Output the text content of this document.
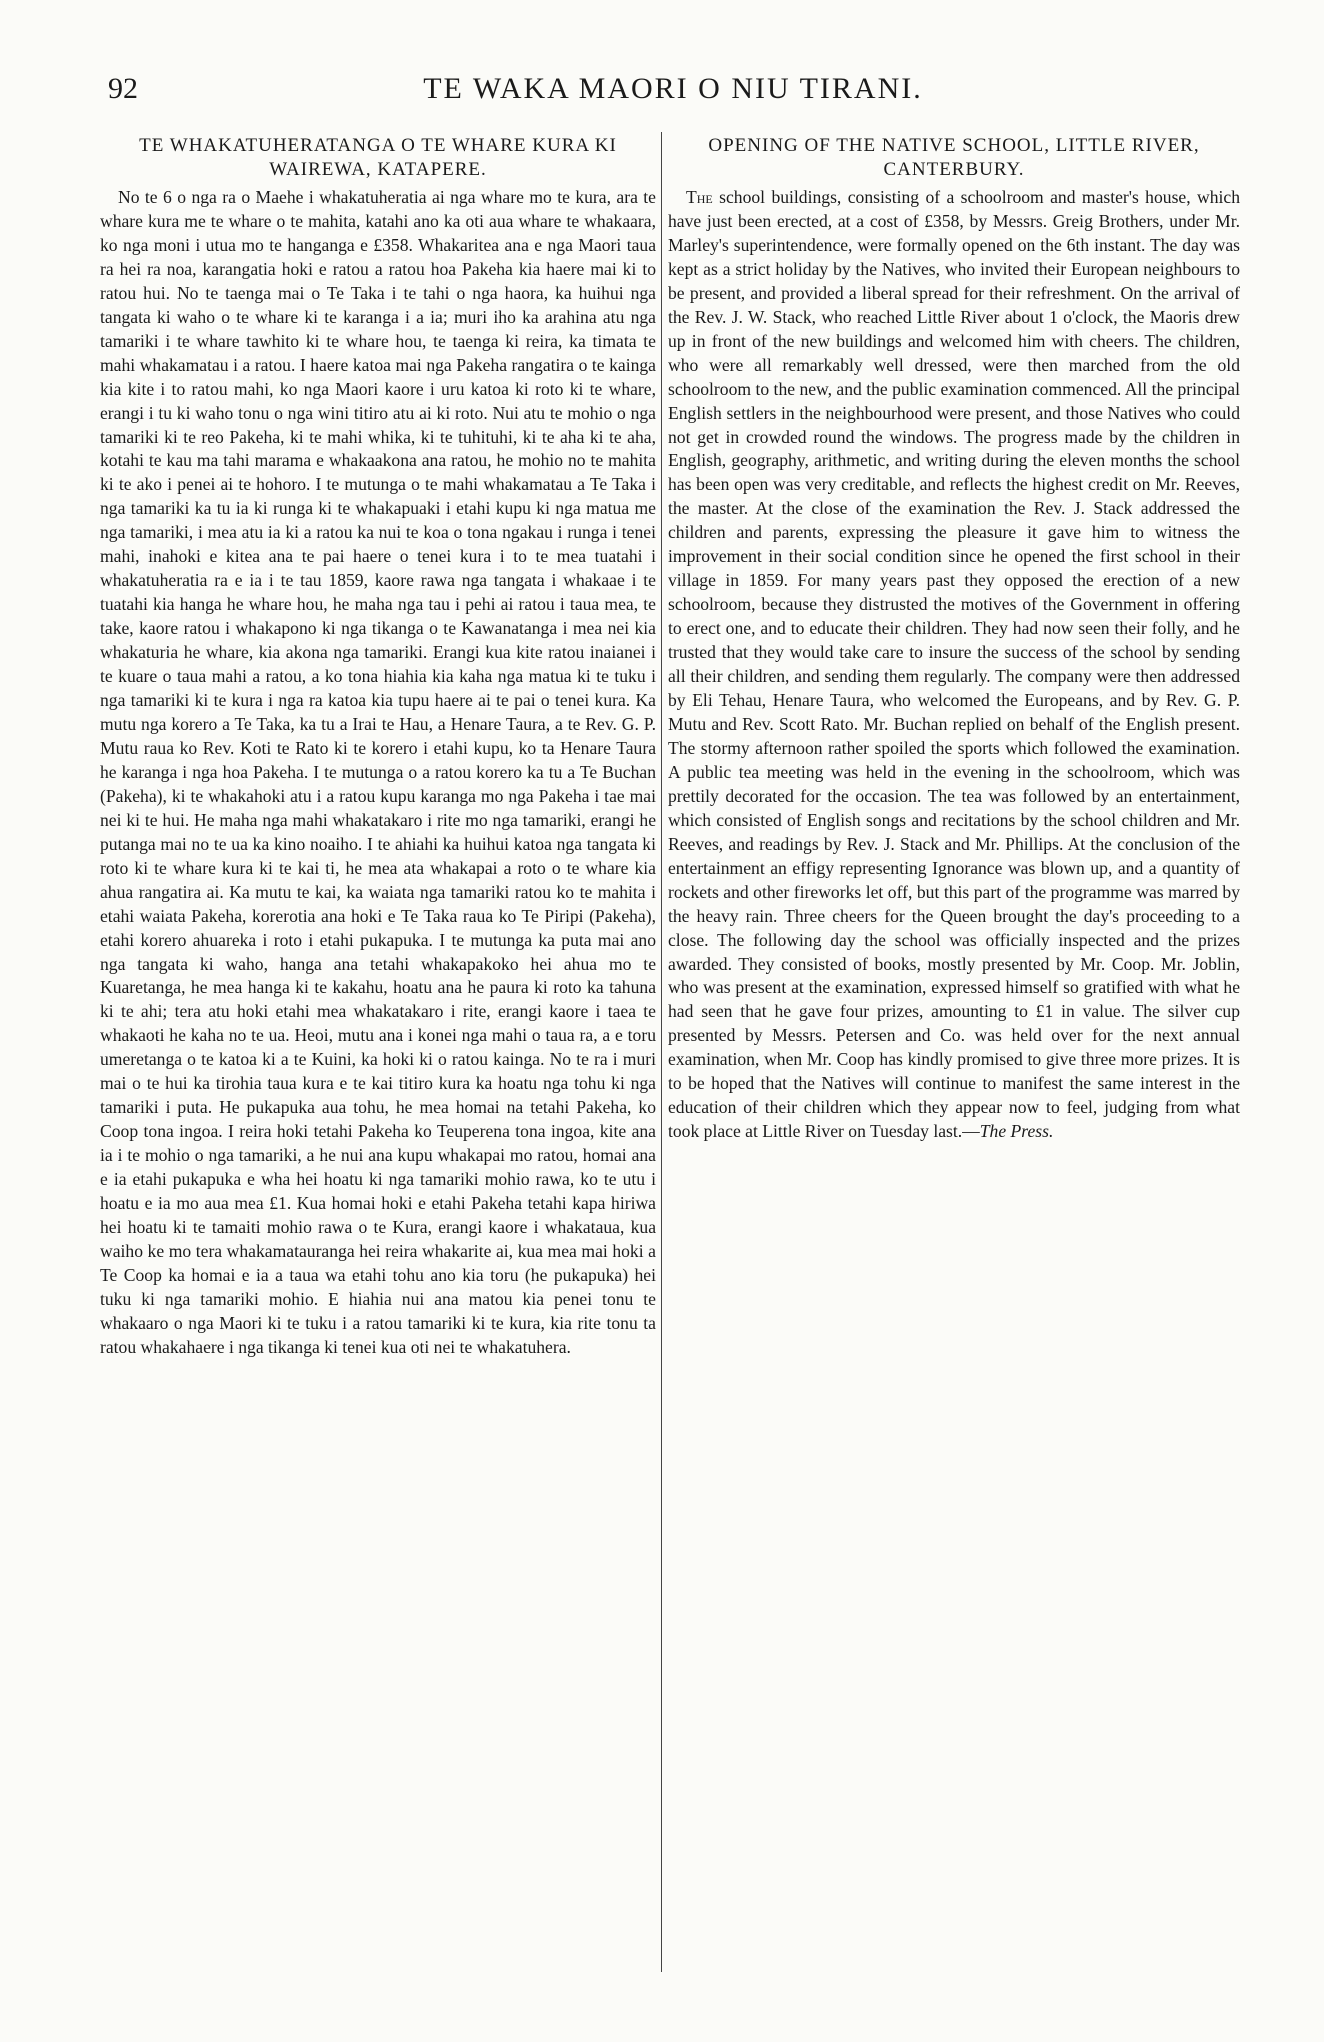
92	TE WAKA MAORI O NIU TIRANI.
TE WHAKATUHERATANGA O TE WHARE KURA KI WAIREWA, KATAPERE.

No te 6 o nga ra o Maehe i whakatuheratia ai nga whare mo te kura, ara te whare kura me te whare o te mahita, katahi ano ka oti aua whare te whakaara, ko nga moni i utua mo te hanganga e £358. Whakaritea ana e nga Maori taua ra hei ra noa, karangatia hoki e ratou a ratou hoa Pakeha kia haere mai ki to ratou hui. No te taenga mai o Te Taka i te tahi o nga haora, ka huihui nga tangata ki waho o te whare ki te karanga i a ia; muri iho ka arahina atu nga tamariki i te whare tawhito ki te whare hou, te taenga ki reira, ka timata te mahi whakamatau i a ratou. I haere katoa mai nga Pakeha rangatira o te kainga kia kite i to ratou mahi, ko nga Maori kaore i uru katoa ki roto ki te whare, erangi i tu ki waho tonu o nga wini titiro atu ai ki roto. Nui atu te mohio o nga tamariki ki te reo Pakeha, ki te mahi whika, ki te tuhituhi, ki te aha ki te aha, kotahi te kau ma tahi marama e whakaakona ana ratou, he mohio no te mahita ki te ako i penei ai te hohoro. I te mutunga o te mahi whakamatau a Te Taka i nga tamariki ka tu ia ki runga ki te whakapuaki i etahi kupu ki nga matua me nga tamariki, i mea atu ia ki a ratou ka nui te koa o tona ngakau i runga i tenei mahi, inahoki e kitea ana te pai haere o tenei kura i to te mea tuatahi i whakatuheratia ra e ia i te tau 1859, kaore rawa nga tangata i whakaae i te tuatahi kia hanga he whare hou, he maha nga tau i pehi ai ratou i taua mea, te take, kaore ratou i whakapono ki nga tikanga o te Kawanatanga i mea nei kia whakaturia he whare, kia akona nga tamariki. Erangi kua kite ratou inaianei i te kuare o taua mahi a ratou, a ko tona hiahia kia kaha nga matua ki te tuku i nga tamariki ki te kura i nga ra katoa kia tupu haere ai te pai o tenei kura. Ka mutu nga korero a Te Taka, ka tu a Irai te Hau, a Henare Taura, a te Rev. G. P. Mutu raua ko Rev. Koti te Rato ki te korero i etahi kupu, ko ta Henare Taura he karanga i nga hoa Pakeha. I te mutunga o a ratou korero ka tu a Te Buchan (Pakeha), ki te whakahoki atu i a ratou kupu karanga mo nga Pakeha i tae mai nei ki te hui. He maha nga mahi whakatakaro i rite mo nga tamariki, erangi he putanga mai no te ua ka kino noaiho. I te ahiahi ka huihui katoa nga tangata ki roto ki te whare kura ki te kai ti, he mea ata whakapai a roto o te whare kia ahua rangatira ai. Ka mutu te kai, ka waiata nga tamariki ratou ko te mahita i etahi waiata Pakeha, korerotia ana hoki e Te Taka raua ko Te Piripi (Pakeha), etahi korero ahuareka i roto i etahi pukapuka. I te mutunga ka puta mai ano nga tangata ki waho, hanga ana tetahi whakapakoko hei ahua mo te Kuaretanga, he mea hanga ki te kakahu, hoatu ana he paura ki roto ka tahuna ki te ahi; tera atu hoki etahi mea whakatakaro i rite, erangi kaore i taea te whakaoti he kaha no te ua. Heoi, mutu ana i konei nga mahi o taua ra, a e toru umeretanga o te katoa ki a te Kuini, ka hoki ki o ratou kainga. No te ra i muri mai o te hui ka tirohia taua kura e te kai titiro kura ka hoatu nga tohu ki nga tamariki i puta. He pukapuka aua tohu, he mea homai na tetahi Pakeha, ko Coop tona ingoa. I reira hoki tetahi Pakeha ko Teuperena tona ingoa, kite ana ia i te mohio o nga tamariki, a he nui ana kupu whakapai mo ratou, homai ana e ia etahi pukapuka e wha hei hoatu ki nga tamariki mohio rawa, ko te utu i hoatu e ia mo aua mea £1. Kua homai hoki e etahi Pakeha tetahi kapa hiriwa hei hoatu ki te tamaiti mohio rawa o te Kura, erangi kaore i whakataua, kua waiho ke mo tera whakamatauranga hei reira whakarite ai, kua mea mai hoki a Te Coop ka homai e ia a taua wa etahi tohu ano kia toru (he pukapuka) hei tuku ki nga tamariki mohio. E hiahia nui ana matou kia penei tonu te whakaaro o nga Maori ki te tuku i a ratou tamariki ki te kura, kia rite tonu ta ratou whakahaere i nga tikanga ki tenei kua oti nei te whakatuhera.

OPENING OF THE NATIVE SCHOOL, LITTLE RIVER, CANTERBURY.

The school buildings, consisting of a schoolroom and master's house, which have just been erected, at a cost of £358, by Messrs. Greig Brothers, under Mr. Marley's superintendence, were formally opened on the 6th instant. The day was kept as a strict holiday by the Natives, who invited their European neighbours to be present, and provided a liberal spread for their refreshment. On the arrival of the Rev. J. W. Stack, who reached Little River about 1 o'clock, the Maoris drew up in front of the new buildings and welcomed him with cheers. The children, who were all remarkably well dressed, were then marched from the old schoolroom to the new, and the public examination commenced. All the principal English settlers in the neighbourhood were present, and those Natives who could not get in crowded round the windows. The progress made by the children in English, geography, arithmetic, and writing during the eleven months the school has been open was very creditable, and reflects the highest credit on Mr. Reeves, the master. At the close of the examination the Rev. J. Stack addressed the children and parents, expressing the pleasure it gave him to witness the improvement in their social condition since he opened the first school in their village in 1859. For many years past they opposed the erection of a new schoolroom, because they distrusted the motives of the Government in offering to erect one, and to educate their children. They had now seen their folly, and he trusted that they would take care to insure the success of the school by sending all their children, and sending them regularly. The company were then addressed by Eli Tehau, Henare Taura, who welcomed the Europeans, and by Rev. G. P. Mutu and Rev. Scott Rato. Mr. Buchan replied on behalf of the English present. The stormy afternoon rather spoiled the sports which followed the examination. A public tea meeting was held in the evening in the schoolroom, which was prettily decorated for the occasion. The tea was followed by an entertainment, which consisted of English songs and recitations by the school children and Mr. Reeves, and readings by Rev. J. Stack and Mr. Phillips. At the conclusion of the entertainment an effigy representing Ignorance was blown up, and a quantity of rockets and other fireworks let off, but this part of the programme was marred by the heavy rain. Three cheers for the Queen brought the day's proceeding to a close. The following day the school was officially inspected and the prizes awarded. They consisted of books, mostly presented by Mr. Coop. Mr. Joblin, who was present at the examination, expressed himself so gratified with what he had seen that he gave four prizes, amounting to £1 in value. The silver cup presented by Messrs. Petersen and Co. was held over for the next annual examination, when Mr. Coop has kindly promised to give three more prizes. It is to be hoped that the Natives will continue to manifest the same interest in the education of their children which they appear now to feel, judging from what took place at Little River on Tuesday last.—The Press.
